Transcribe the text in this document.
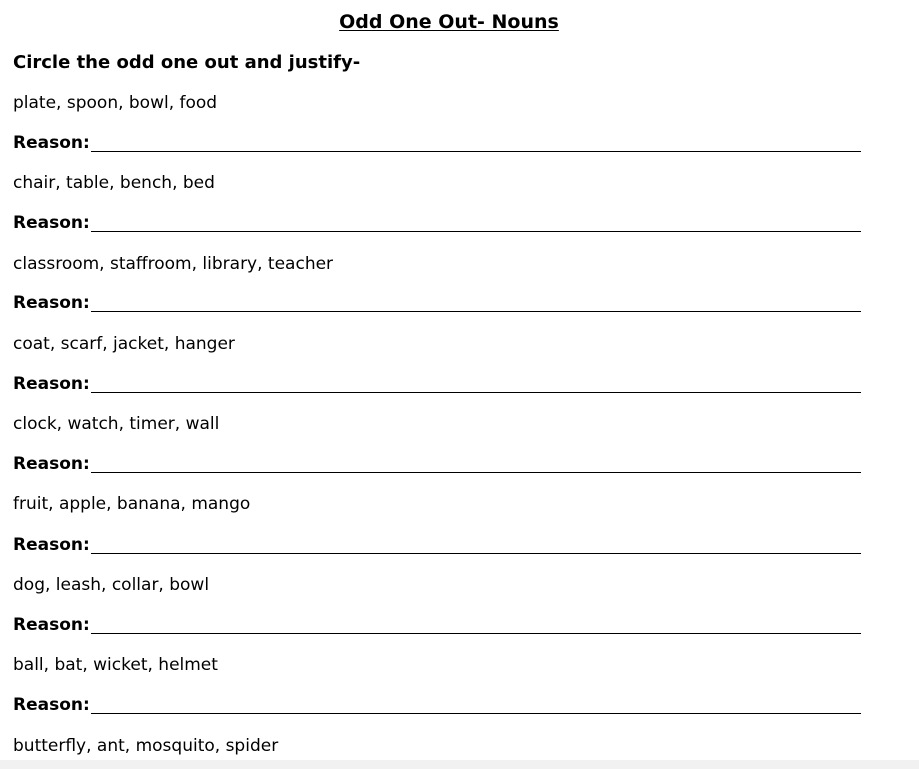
Odd One Out- Nouns
Circle the odd one out and justify-
plate, spoon, bowl, food
Reason:
chair, table, bench, bed
Reason:
classroom, staffroom, library, teacher
Reason:
coat, scarf, jacket, hanger
Reason:
clock, watch, timer, wall
Reason:
fruit, apple, banana, mango
Reason:
dog, leash, collar, bowl
Reason:
ball, bat, wicket, helmet
Reason:
butterfly, ant, mosquito, spider
